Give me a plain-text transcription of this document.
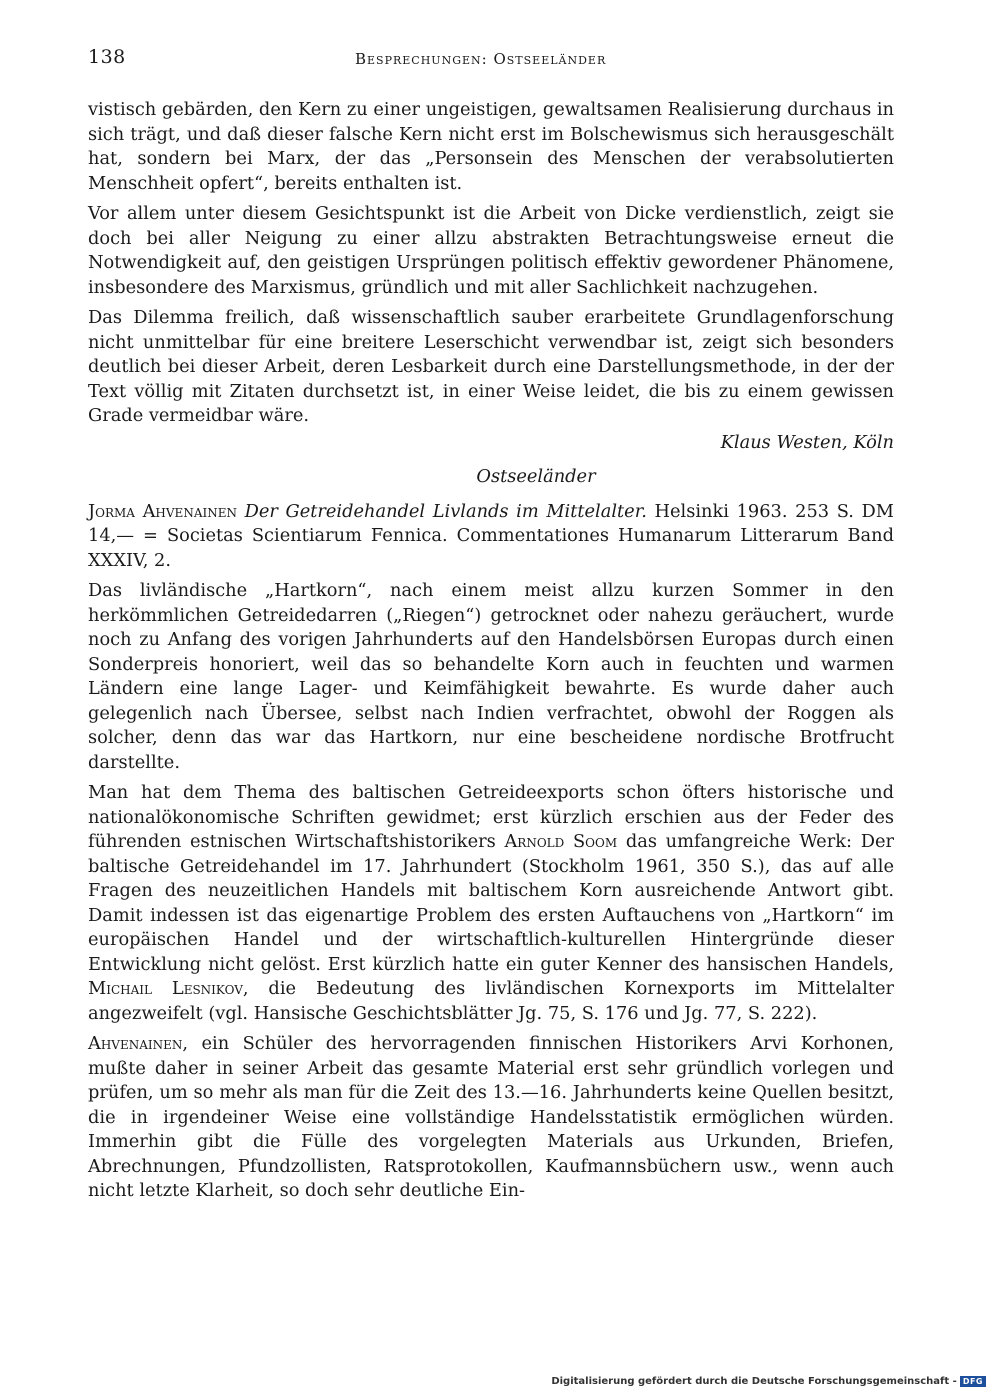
138	Besprechungen: Ostseeländer

vistisch gebärden, den Kern zu einer ungeistigen, gewaltsamen Realisierung durchaus in sich trägt, und daß dieser falsche Kern nicht erst im Bolschewismus sich herausgeschält hat, sondern bei Marx, der das „Personsein des Menschen der verabsolutierten Menschheit opfert“, bereits enthalten ist.

Vor allem unter diesem Gesichtspunkt ist die Arbeit von Dicke verdienstlich, zeigt sie doch bei aller Neigung zu einer allzu abstrakten Betrachtungsweise erneut die Notwendigkeit auf, den geistigen Ursprüngen politisch effektiv gewordener Phänomene, insbesondere des Marxismus, gründlich und mit aller Sachlichkeit nachzugehen.

Das Dilemma freilich, daß wissenschaftlich sauber erarbeitete Grundlagenforschung nicht unmittelbar für eine breitere Leserschicht verwendbar ist, zeigt sich besonders deutlich bei dieser Arbeit, deren Lesbarkeit durch eine Darstellungsmethode, in der der Text völlig mit Zitaten durchsetzt ist, in einer Weise leidet, die bis zu einem gewissen Grade vermeidbar wäre.

Klaus Westen, Köln
Ostseeländer

Jorma Ahvenainen Der Getreidehandel Livlands im Mittelalter. Helsinki 1963. 253 S. DM 14,— = Societas Scientiarum Fennica. Commentationes Humanarum Litterarum Band XXXIV, 2.

Das livländische „Hartkorn“, nach einem meist allzu kurzen Sommer in den herkömmlichen Getreidedarren („Riegen“) getrocknet oder nahezu geräuchert, wurde noch zu Anfang des vorigen Jahrhunderts auf den Handelsbörsen Europas durch einen Sonderpreis honoriert, weil das so behandelte Korn auch in feuchten und warmen Ländern eine lange Lager- und Keimfähigkeit bewahrte. Es wurde daher auch gelegenlich nach Übersee, selbst nach Indien verfrachtet, obwohl der Roggen als solcher, denn das war das Hartkorn, nur eine bescheidene nordische Brotfrucht darstellte.

Man hat dem Thema des baltischen Getreideexports schon öfters historische und nationalökonomische Schriften gewidmet; erst kürzlich erschien aus der Feder des führenden estnischen Wirtschaftshistorikers Arnold Soom das umfangreiche Werk: Der baltische Getreidehandel im 17. Jahrhundert (Stockholm 1961, 350 S.), das auf alle Fragen des neuzeitlichen Handels mit baltischem Korn ausreichende Antwort gibt. Damit indessen ist das eigenartige Problem des ersten Auftauchens von „Hartkorn“ im europäischen Handel und der wirtschaftlich-kulturellen Hintergründe dieser Entwicklung nicht gelöst. Erst kürzlich hatte ein guter Kenner des hansischen Handels, Michail Lesnikov, die Bedeutung des livländischen Kornexports im Mittelalter angezweifelt (vgl. Hansische Geschichtsblätter Jg. 75, S. 176 und Jg. 77, S. 222).

Ahvenainen, ein Schüler des hervorragenden finnischen Historikers Arvi Korhonen, mußte daher in seiner Arbeit das gesamte Material erst sehr gründlich vorlegen und prüfen, um so mehr als man für die Zeit des 13.—16. Jahrhunderts keine Quellen besitzt, die in irgendeiner Weise eine vollständige Handelsstatistik ermöglichen würden. Immerhin gibt die Fülle des vorgelegten Materials aus Urkunden, Briefen, Abrechnungen, Pfundzollisten, Ratsprotokollen, Kaufmannsbüchern usw., wenn auch nicht letzte Klarheit, so doch sehr deutliche Ein-

Digitalisierung gefördert durch die Deutsche Forschungsgemeinschaft - DFG
